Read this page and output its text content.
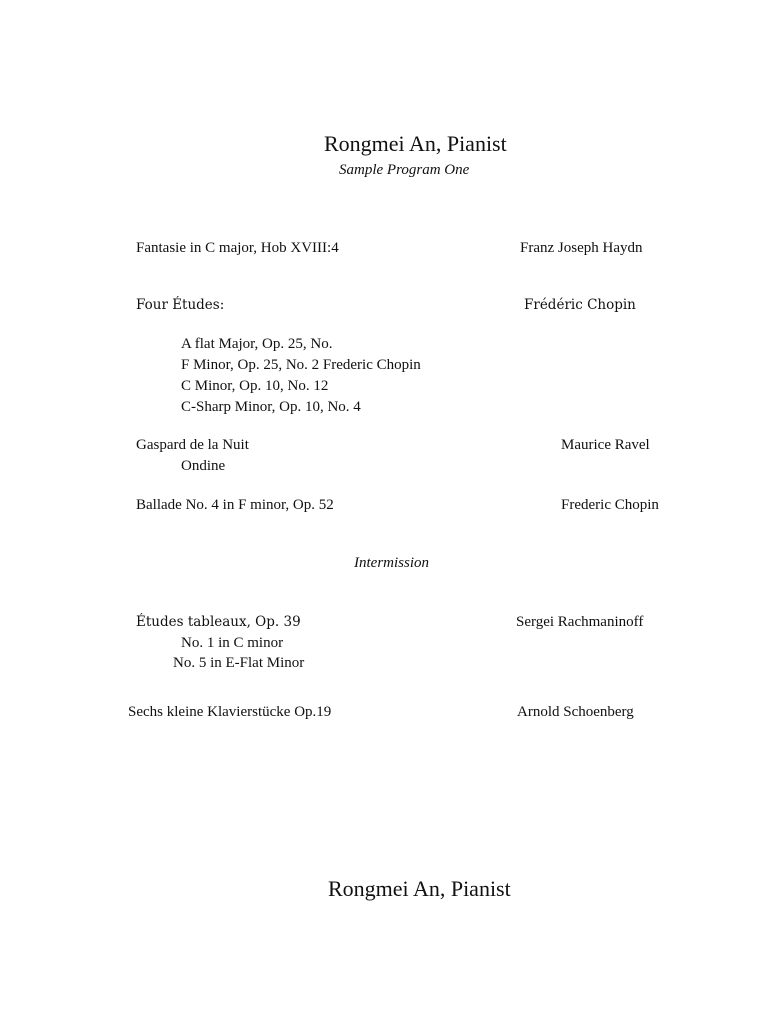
Rongmei An, Pianist
Sample Program One
Fantasie in C major, Hob XVIII:4	Franz Joseph Haydn
Four Études:	Frédéric Chopin
A flat Major, Op. 25, No.
F Minor, Op. 25, No. 2 Frederic Chopin
C Minor, Op. 10, No. 12
C-Sharp Minor, Op. 10, No. 4
Gaspard de la Nuit	Maurice Ravel
Ondine
Ballade No. 4 in F minor, Op. 52	Frederic Chopin
Intermission
Études tableaux, Op. 39	Sergei Rachmaninoff
No. 1 in C minor
No. 5 in E-Flat Minor
Sechs kleine Klavierstücke Op.19	Arnold Schoenberg
Rongmei An, Pianist
